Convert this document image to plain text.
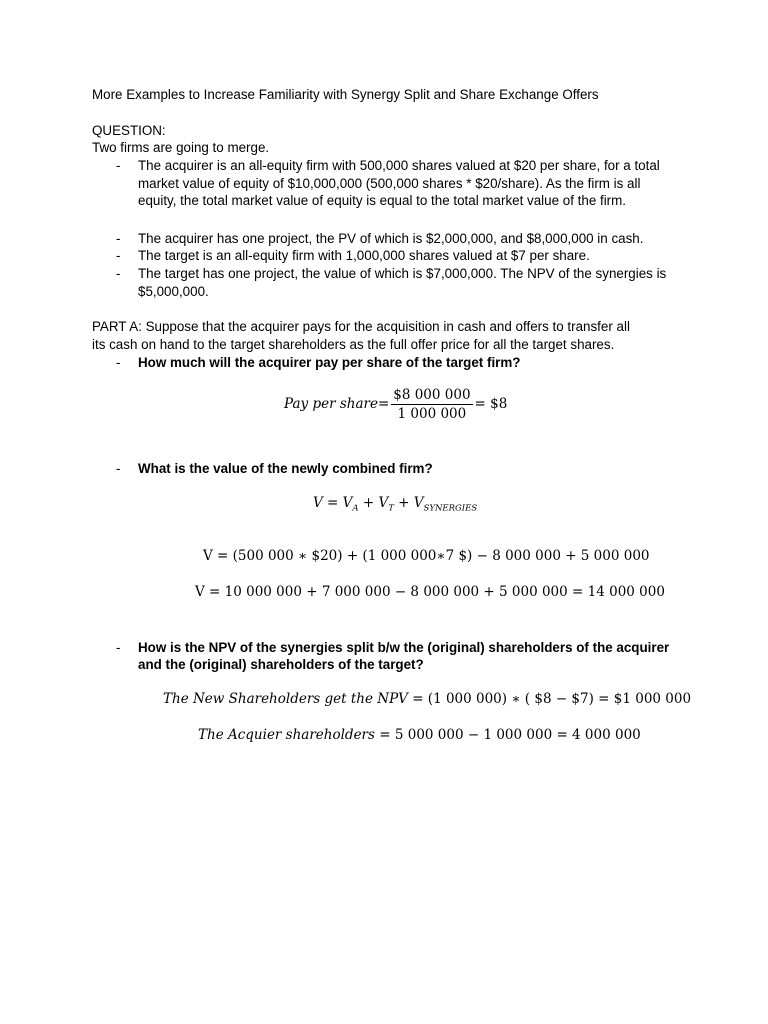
More Examples to Increase Familiarity with Synergy Split and Share Exchange Offers
QUESTION:
Two firms are going to merge.
- The acquirer is an all-equity firm with 500,000 shares valued at $20 per share, for a total market value of equity of $10,000,000 (500,000 shares * $20/share). As the firm is all equity, the total market value of equity is equal to the total market value of the firm.
- The acquirer has one project, the PV of which is $2,000,000, and $8,000,000 in cash.
- The target is an all-equity firm with 1,000,000 shares valued at $7 per share.
- The target has one project, the value of which is $7,000,000. The NPV of the synergies is $5,000,000.
PART A: Suppose that the acquirer pays for the acquisition in cash and offers to transfer all
its cash on hand to the target shareholders as the full offer price for all the target shares.
- How much will the acquirer pay per share of the target firm?
Pay per share= $\frac{\$8 000 000}{1 000 000}$ = $8
- What is the value of the newly combined firm?
$V = V_A + V_T + V_{SYNERGIES}$
V = (500 000 ∗ $20) + (1 000 000∗7 $) − 8 000 000 + 5 000 000
V = 10 000 000 + 7 000 000 − 8 000 000 + 5 000 000 = 14 000 000
- How is the NPV of the synergies split b/w the (original) shareholders of the acquirer
and the (original) shareholders of the target?
The New Shareholders get the NPV = (1 000 000) ∗ ( $8 − $7) = $1 000 000
The Acquier shareholders = 5 000 000 − 1 000 000 = 4 000 000
